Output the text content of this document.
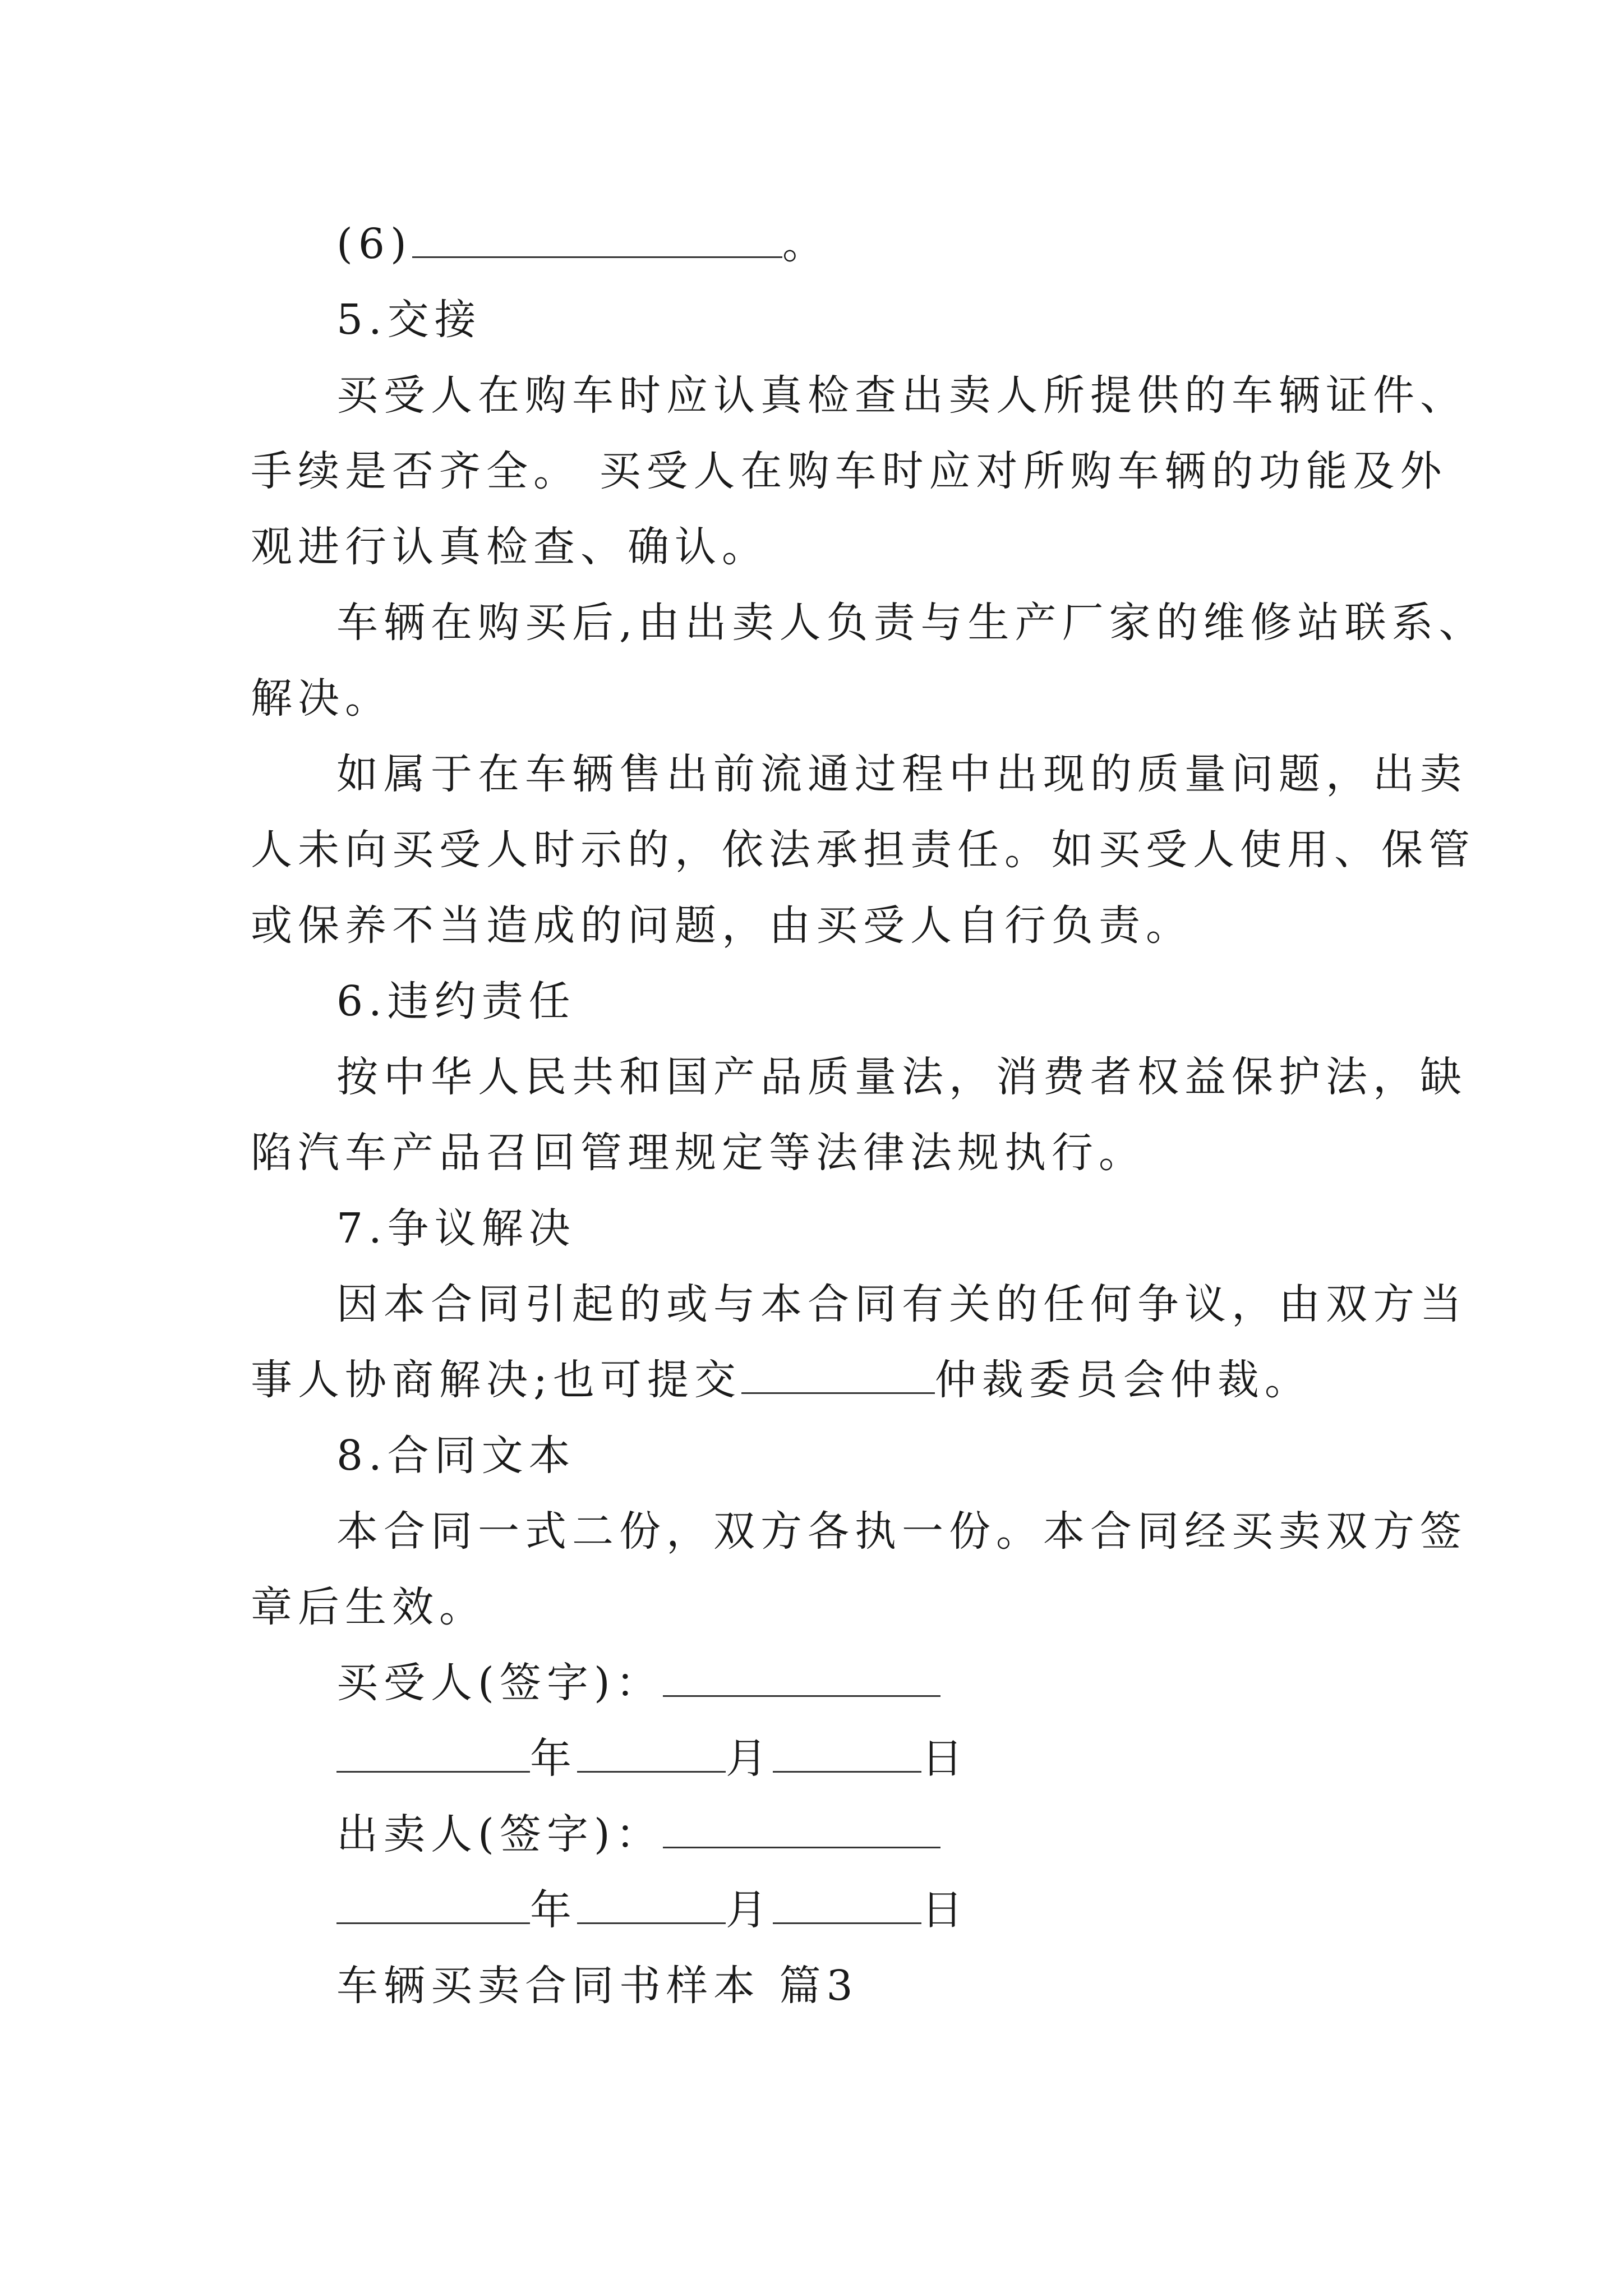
(6)	。
5.交接
买受人在购车时应认真检查出卖人所提供的车辆证件、
手续是否齐全。 买受人在购车时应对所购车辆的功能及外
观进行认真检查、确认。
车辆在购买后,由出卖人负责与生产厂家的维修站联系、
解决。
如属于在车辆售出前流通过程中出现的质量问题，出卖
人未向买受人时示的，依法承担责任。如买受人使用、保管
或保养不当造成的问题，由买受人自行负责。
6.违约责任
按中华人民共和国产品质量法，消费者权益保护法，缺
陷汽车产品召回管理规定等法律法规执行。
7.争议解决
因本合同引起的或与本合同有关的任何争议，由双方当
事人协商解决;也可提交	仲裁委员会仲裁。
8.合同文本
本合同一式二份，双方各执一份。本合同经买卖双方签
章后生效。
买受人(签字)：
年	月	日
出卖人(签字)：
年	月	日
车辆买卖合同书样本 篇3
